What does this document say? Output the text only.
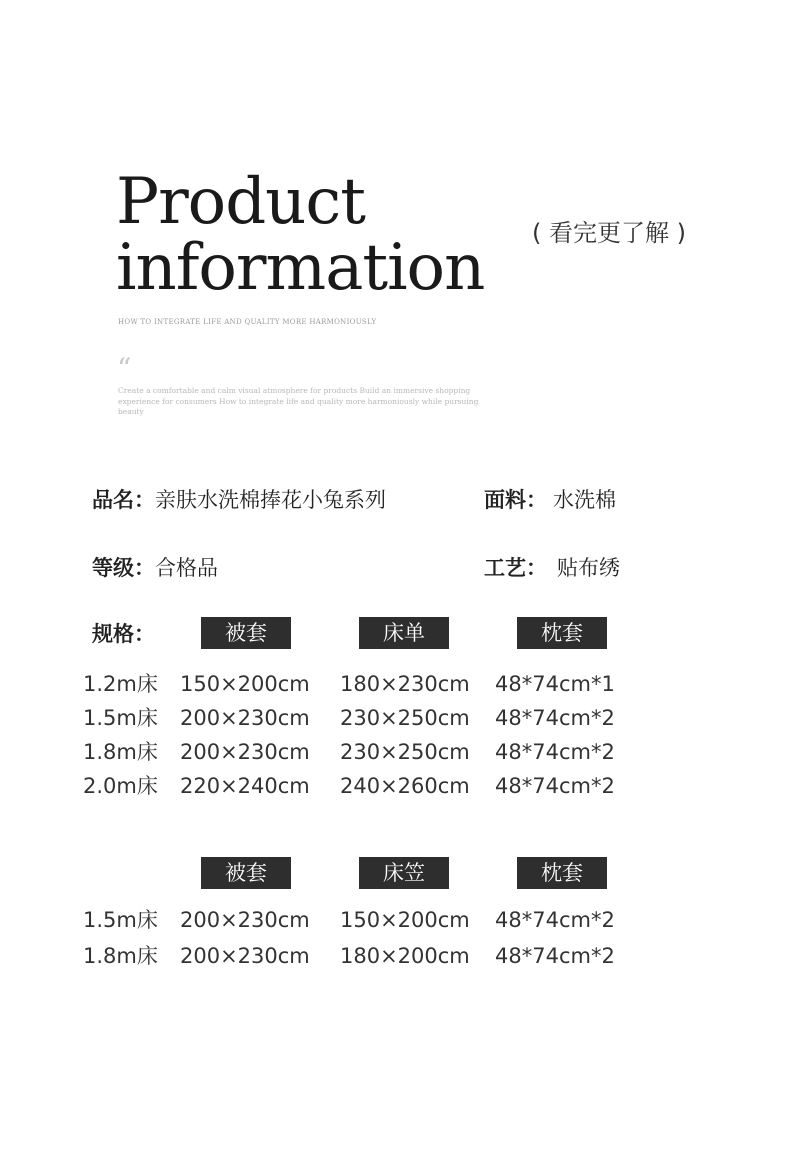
Product
information ( 看完更了解 )
HOW TO INTEGRATE LIFE AND QUALITY MORE HARMONIOUSLY
“
Create a comfortable and calm visual atmosphere for products Build an immersive shopping experience for consumers How to integrate life and quality more harmoniously while pursuing beauty
品名：亲肤水洗棉捧花小兔系列	面料： 水洗棉
等级：合格品	工艺： 贴布绣
规格：	被套	床单	枕套
1.2m床 150×200cm 180×230cm 48*74cm*1
1.5m床 200×230cm 230×250cm 48*74cm*2
1.8m床 200×230cm 230×250cm 48*74cm*2
2.0m床 220×240cm 240×260cm 48*74cm*2
被套	床笠	枕套
1.5m床 200×230cm 150×200cm 48*74cm*2
1.8m床 200×230cm 180×200cm 48*74cm*2
